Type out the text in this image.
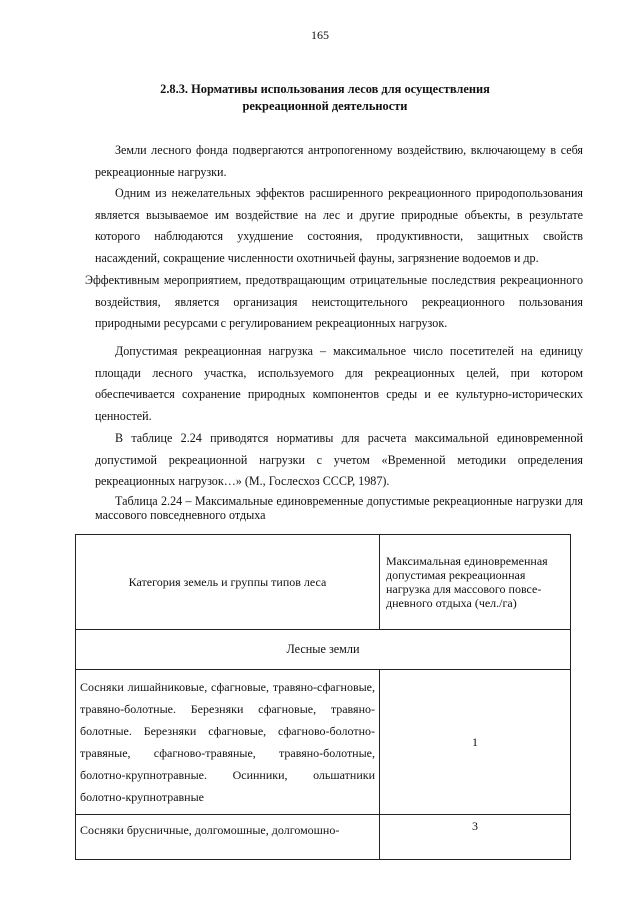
165
2.8.3. Нормативы использования лесов для осуществления
рекреационной деятельности

Земли лесного фонда подвергаются антропогенному воздействию, включающему в себя рекреационные нагрузки.

Одним из нежелательных эффектов расширенного рекреационного природопользования является вызываемое им воздействие на лес и другие природные объекты, в результате которого наблюдаются ухудшение состояния, продуктивности, защитных свойств насаждений, сокращение численности охотничьей фауны, загрязнение водоемов и др.

Эффективным мероприятием, предотвращающим отрицательные последствия рекреационного воздействия, является организация неистощительного рекреационного пользования природными ресурсами с регулированием рекреационных нагрузок.

Допустимая рекреационная нагрузка – максимальное число посетителей на единицу площади лесного участка, используемого для рекреационных целей, при котором обеспечивается сохранение природных компонентов среды и ее культурно-исторических ценностей.

В таблице 2.24 приводятся нормативы для расчета максимальной единовременной допустимой рекреационной нагрузки с учетом «Временной методики определения рекреационных нагрузок…» (М., Гослесхоз СССР, 1987).

Таблица 2.24 – Максимальные единовременные допустимые рекреационные нагрузки для массового повседневного отдыха

Категория земель и группы типов леса	Максимальная единовременная допустимая рекреационная нагрузка для массового повсе-дневного отдыха (чел./га)
Лесные земли	
Сосняки лишайниковые, сфагновые, травяно-сфагновые, травяно-болотные. Березняки сфагновые, травяно-болотные. Березняки сфагновые, сфагново-болотно-травяные, сфагново-травяные, травяно-болотные, болотно-крупнотравные. Осинники, ольшатники болотно-крупнотравные	1
Сосняки брусничные, долгомошные, долгомошно-	3
